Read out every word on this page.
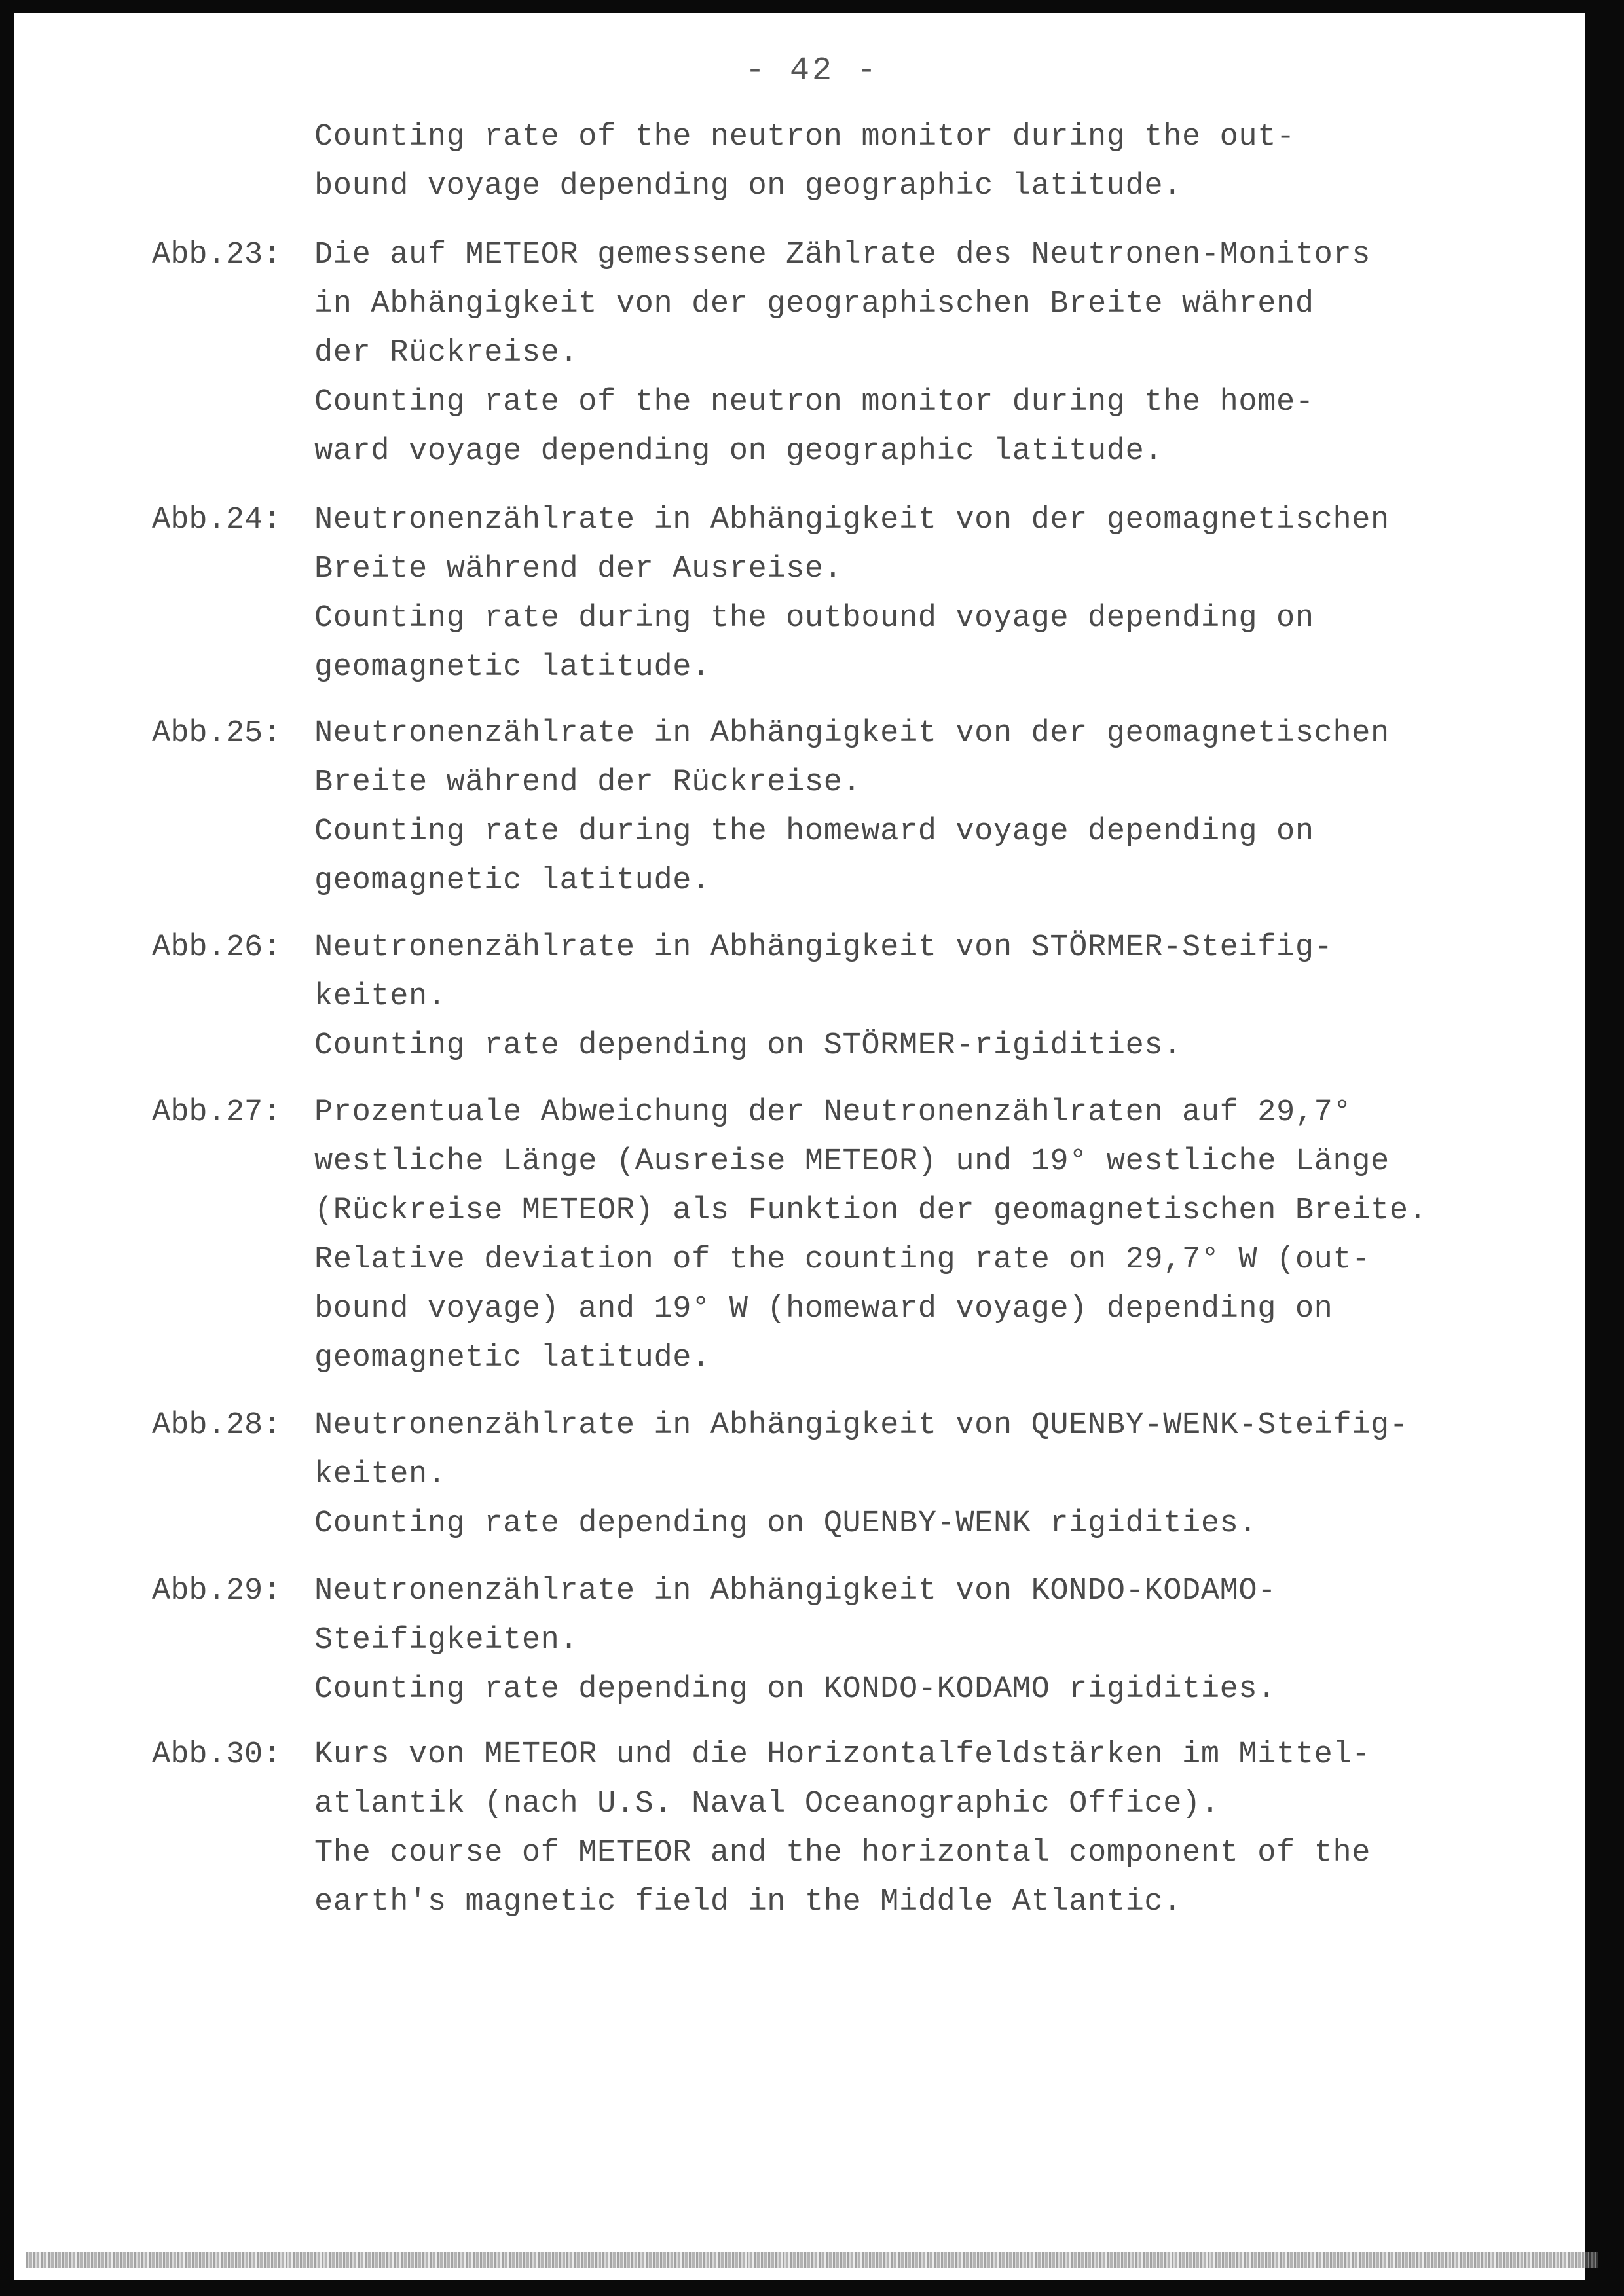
- 42 -
Counting rate of the neutron monitor during the out-
bound voyage depending on geographic latitude.
Abb.23:	Die auf METEOR gemessene Zählrate des Neutronen-Monitors
in Abhängigkeit von der geographischen Breite während
der Rückreise.
Counting rate of the neutron monitor during the home-
ward voyage depending on geographic latitude.
Abb.24:	Neutronenzählrate in Abhängigkeit von der geomagnetischen
Breite während der Ausreise.
Counting rate during the outbound voyage depending on
geomagnetic latitude.
Abb.25:	Neutronenzählrate in Abhängigkeit von der geomagnetischen
Breite während der Rückreise.
Counting rate during the homeward voyage depending on
geomagnetic latitude.
Abb.26:	Neutronenzählrate in Abhängigkeit von STÖRMER-Steifig-
keiten.
Counting rate depending on STÖRMER-rigidities.
Abb.27:	Prozentuale Abweichung der Neutronenzählraten auf 29,7°
westliche Länge (Ausreise METEOR) und 19° westliche Länge
(Rückreise METEOR) als Funktion der geomagnetischen Breite.
Relative deviation of the counting rate on 29,7° W (out-
bound voyage) and 19° W (homeward voyage) depending on
geomagnetic latitude.
Abb.28:	Neutronenzählrate in Abhängigkeit von QUENBY-WENK-Steifig-
keiten.
Counting rate depending on QUENBY-WENK rigidities.
Abb.29:	Neutronenzählrate in Abhängigkeit von KONDO-KODAMO-
Steifigkeiten.
Counting rate depending on KONDO-KODAMO rigidities.
Abb.30:	Kurs von METEOR und die Horizontalfeldstärken im Mittel-
atlantik (nach U.S. Naval Oceanographic Office).
The course of METEOR and the horizontal component of the
earth's magnetic field in the Middle Atlantic.
